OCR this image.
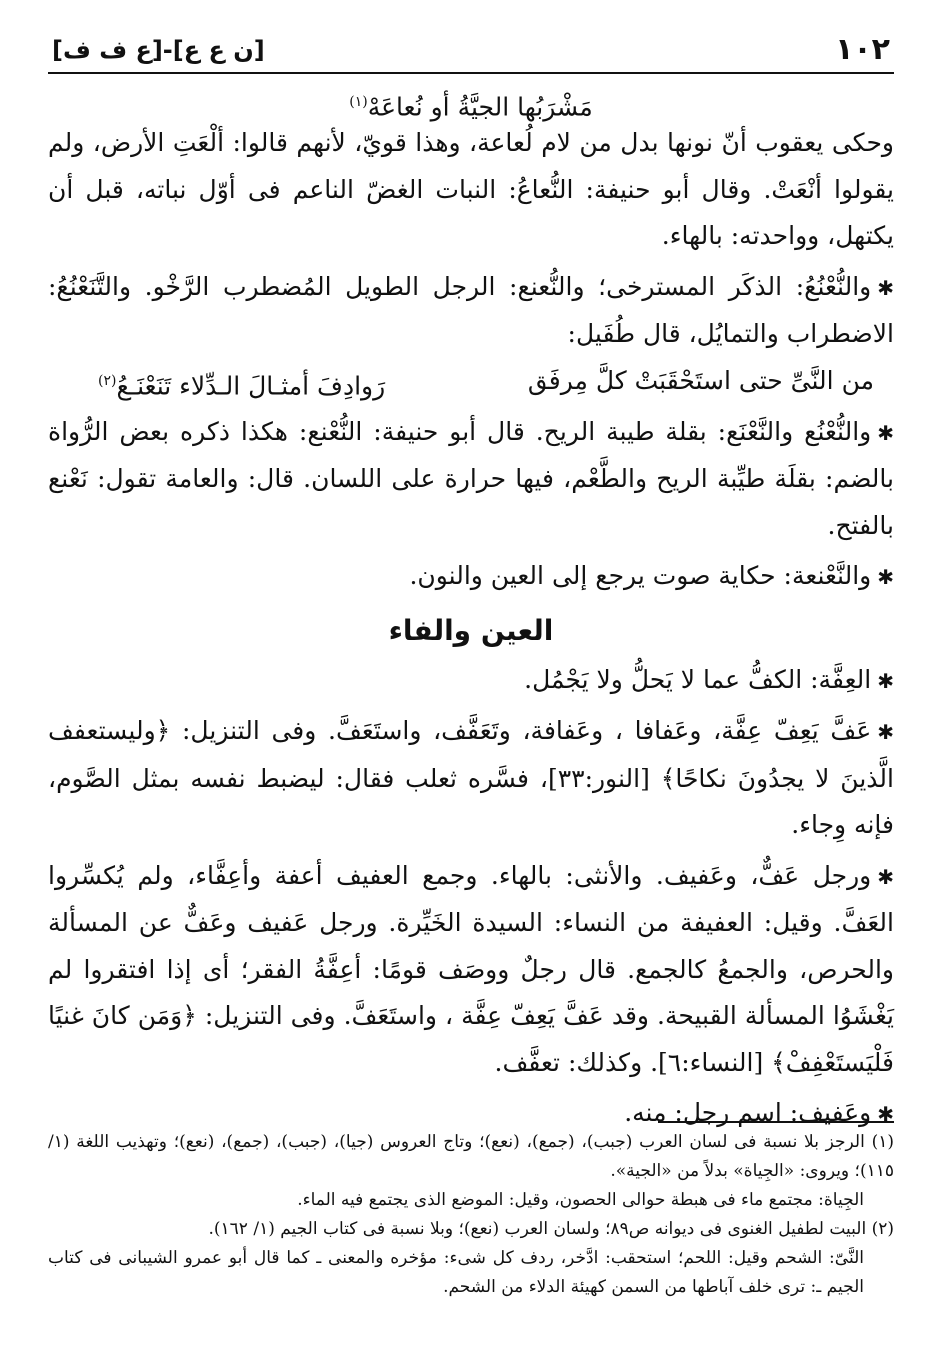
١٠٢
[ن ع ع]-[ع ف ف]
مَشْرَبُها الجيَّةُ أو نُعاعَهْ$^{(١)}$

وحكى يعقوب أنّ نونها بدل من لام لُعاعة، وهذا قويّ، لأنهم قالوا: ألْعَتِ الأرض، ولم يقولوا أنْعَتْ. وقال أبو حنيفة: النُّعاعُ: النبات الغضّ الناعم فى أوّل نباته، قبل أن يكتهل، وواحدته: بالهاء.

✱والنُّعْنُعُ: الذكَر المسترخى؛ والنُّعنع: الرجل الطويل المُضطرب الرَّخْو. والتَّنَعْنُعُ: الاضطراب والتمايُل، قال طُفَيل:

من النَّىِّ حتى استَحْقَبَتْ كلَّ مِرفَق
رَوادِفَ أمثـالَ الـدِّلاء تَنَعْنَـعُ$^{(٢)}$

✱والنُّعْنُع والنَّعْنَع: بقلة طيبة الريح. قال أبو حنيفة: النُّعْنع: هكذا ذكره بعض الرُّواة بالضم: بقلَة طيِّبة الريح والطَّعْم، فيها حرارة على اللسان. قال: والعامة تقول: نَعْنع بالفتح.

✱والنَّعْنعة: حكاية صوت يرجع إلى العين والنون.

العين والفاء

✱العِفَّة: الكفُّ عما لا يَحلُّ ولا يَجْمُل.

✱عَفَّ يَعِفّ عِفَّة، وعَفافا ، وعَفافة، وتَعَفَّف، واستَعَفَّ. وفى التنزيل: ﴿وليستعفف الَّذينَ لا يجدُونَ نكاحًا﴾ [النور:٣٣]، فسَّره ثعلب فقال: ليضبط نفسه بمثل الصَّوم، فإنه وِجاء.

✱ورجل عَفٌّ، وعَفيف. والأنثى: بالهاء. وجمع العفيف أعفة وأعِفَّاء، ولم يُكسِّروا العَفَّ. وقيل: العفيفة من النساء: السيدة الخَيِّرة. ورجل عَفيف وعَفٌّ عن المسألة والحرص، والجمعُ كالجمع. قال رجلٌ ووصَف قومًا: أعِفَّةُ الفقر؛ أى إذا افتقروا لم يَغْشَوُا المسألة القبيحة. وقد عَفَّ يَعِفّ عِفَّة ، واستَعَفَّ. وفى التنزيل: ﴿وَمَن كانَ غنيًا فَلْيَستَعْفِفْ﴾ [النساء:٦]. وكذلك: تعفَّف.

✱وعَفيف: اسم رجل: منه.

(١) الرجز بلا نسبة فى لسان العرب (جبب)، (جمع)، (نعع)؛ وتاج العروس (جيا)، (جبب)، (جمع)، (نعع)؛ وتهذيب اللغة (١/ ١١٥)؛ ويروى: «الجِياة» بدلاً من «الجية».

الجِياة: مجتمع ماء فى هبطة حوالى الحصون، وقيل: الموضع الذى يجتمع فيه الماء.

(٢) البيت لطفيل الغنوى فى ديوانه ص٨٩؛ ولسان العرب (نعع)؛ وبلا نسبة فى كتاب الجيم (١/ ١٦٢).

النَّىّ: الشحم وقيل: اللحم؛ استحقب: ادَّخر، ردف كل شىء: مؤخره والمعنى ـ كما قال أبو عمرو الشيبانى فى كتاب الجيم ـ: ترى خلف آباطها من السمن كهيئة الدلاء من الشحم.
